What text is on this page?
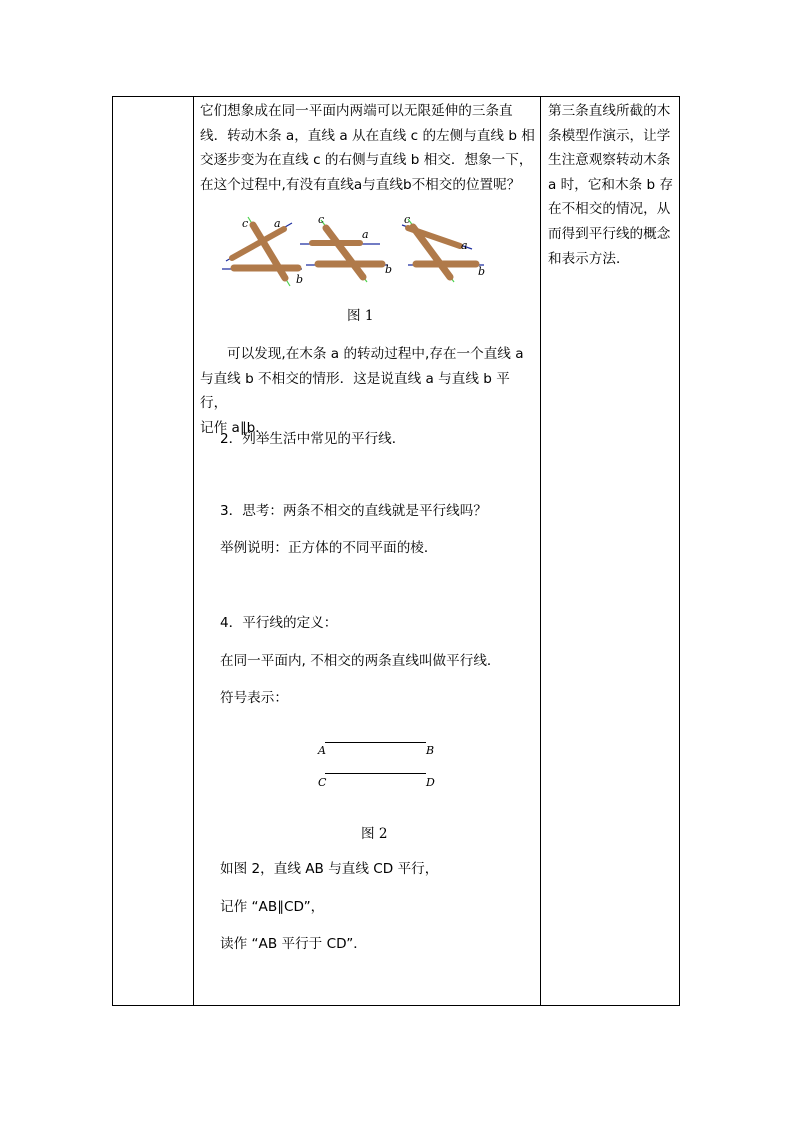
它们想象成在同一平面内两端可以无限延伸的三条直
线．转动木条 a，直线 a 从在直线 c 的左侧与直线 b 相
交逐步变为在直线 c 的右侧与直线 b 相交．想象一下，
在这个过程中,有没有直线a与直线b不相交的位置呢？
c a
b
c
a
b
c
a
b
图 1
可以发现,在木条 a 的转动过程中,存在一个直线 a
与直线 b 不相交的情形．这是说直线 a 与直线 b 平行，
记作 a∥b．
2．列举生活中常见的平行线．
3．思考：两条不相交的直线就是平行线吗？
举例说明：正方体的不同平面的棱．
4．平行线的定义：
在同一平面内, 不相交的两条直线叫做平行线．
符号表示：
A	B
C	D
图 2
如图 2，直线 AB 与直线 CD 平行，
记作 “AB∥CD”，
读作 “AB 平行于 CD”．
第三条直线所截的木
条模型作演示，让学
生注意观察转动木条
a 时，它和木条 b 存
在不相交的情况，从
而得到平行线的概念
和表示方法．
